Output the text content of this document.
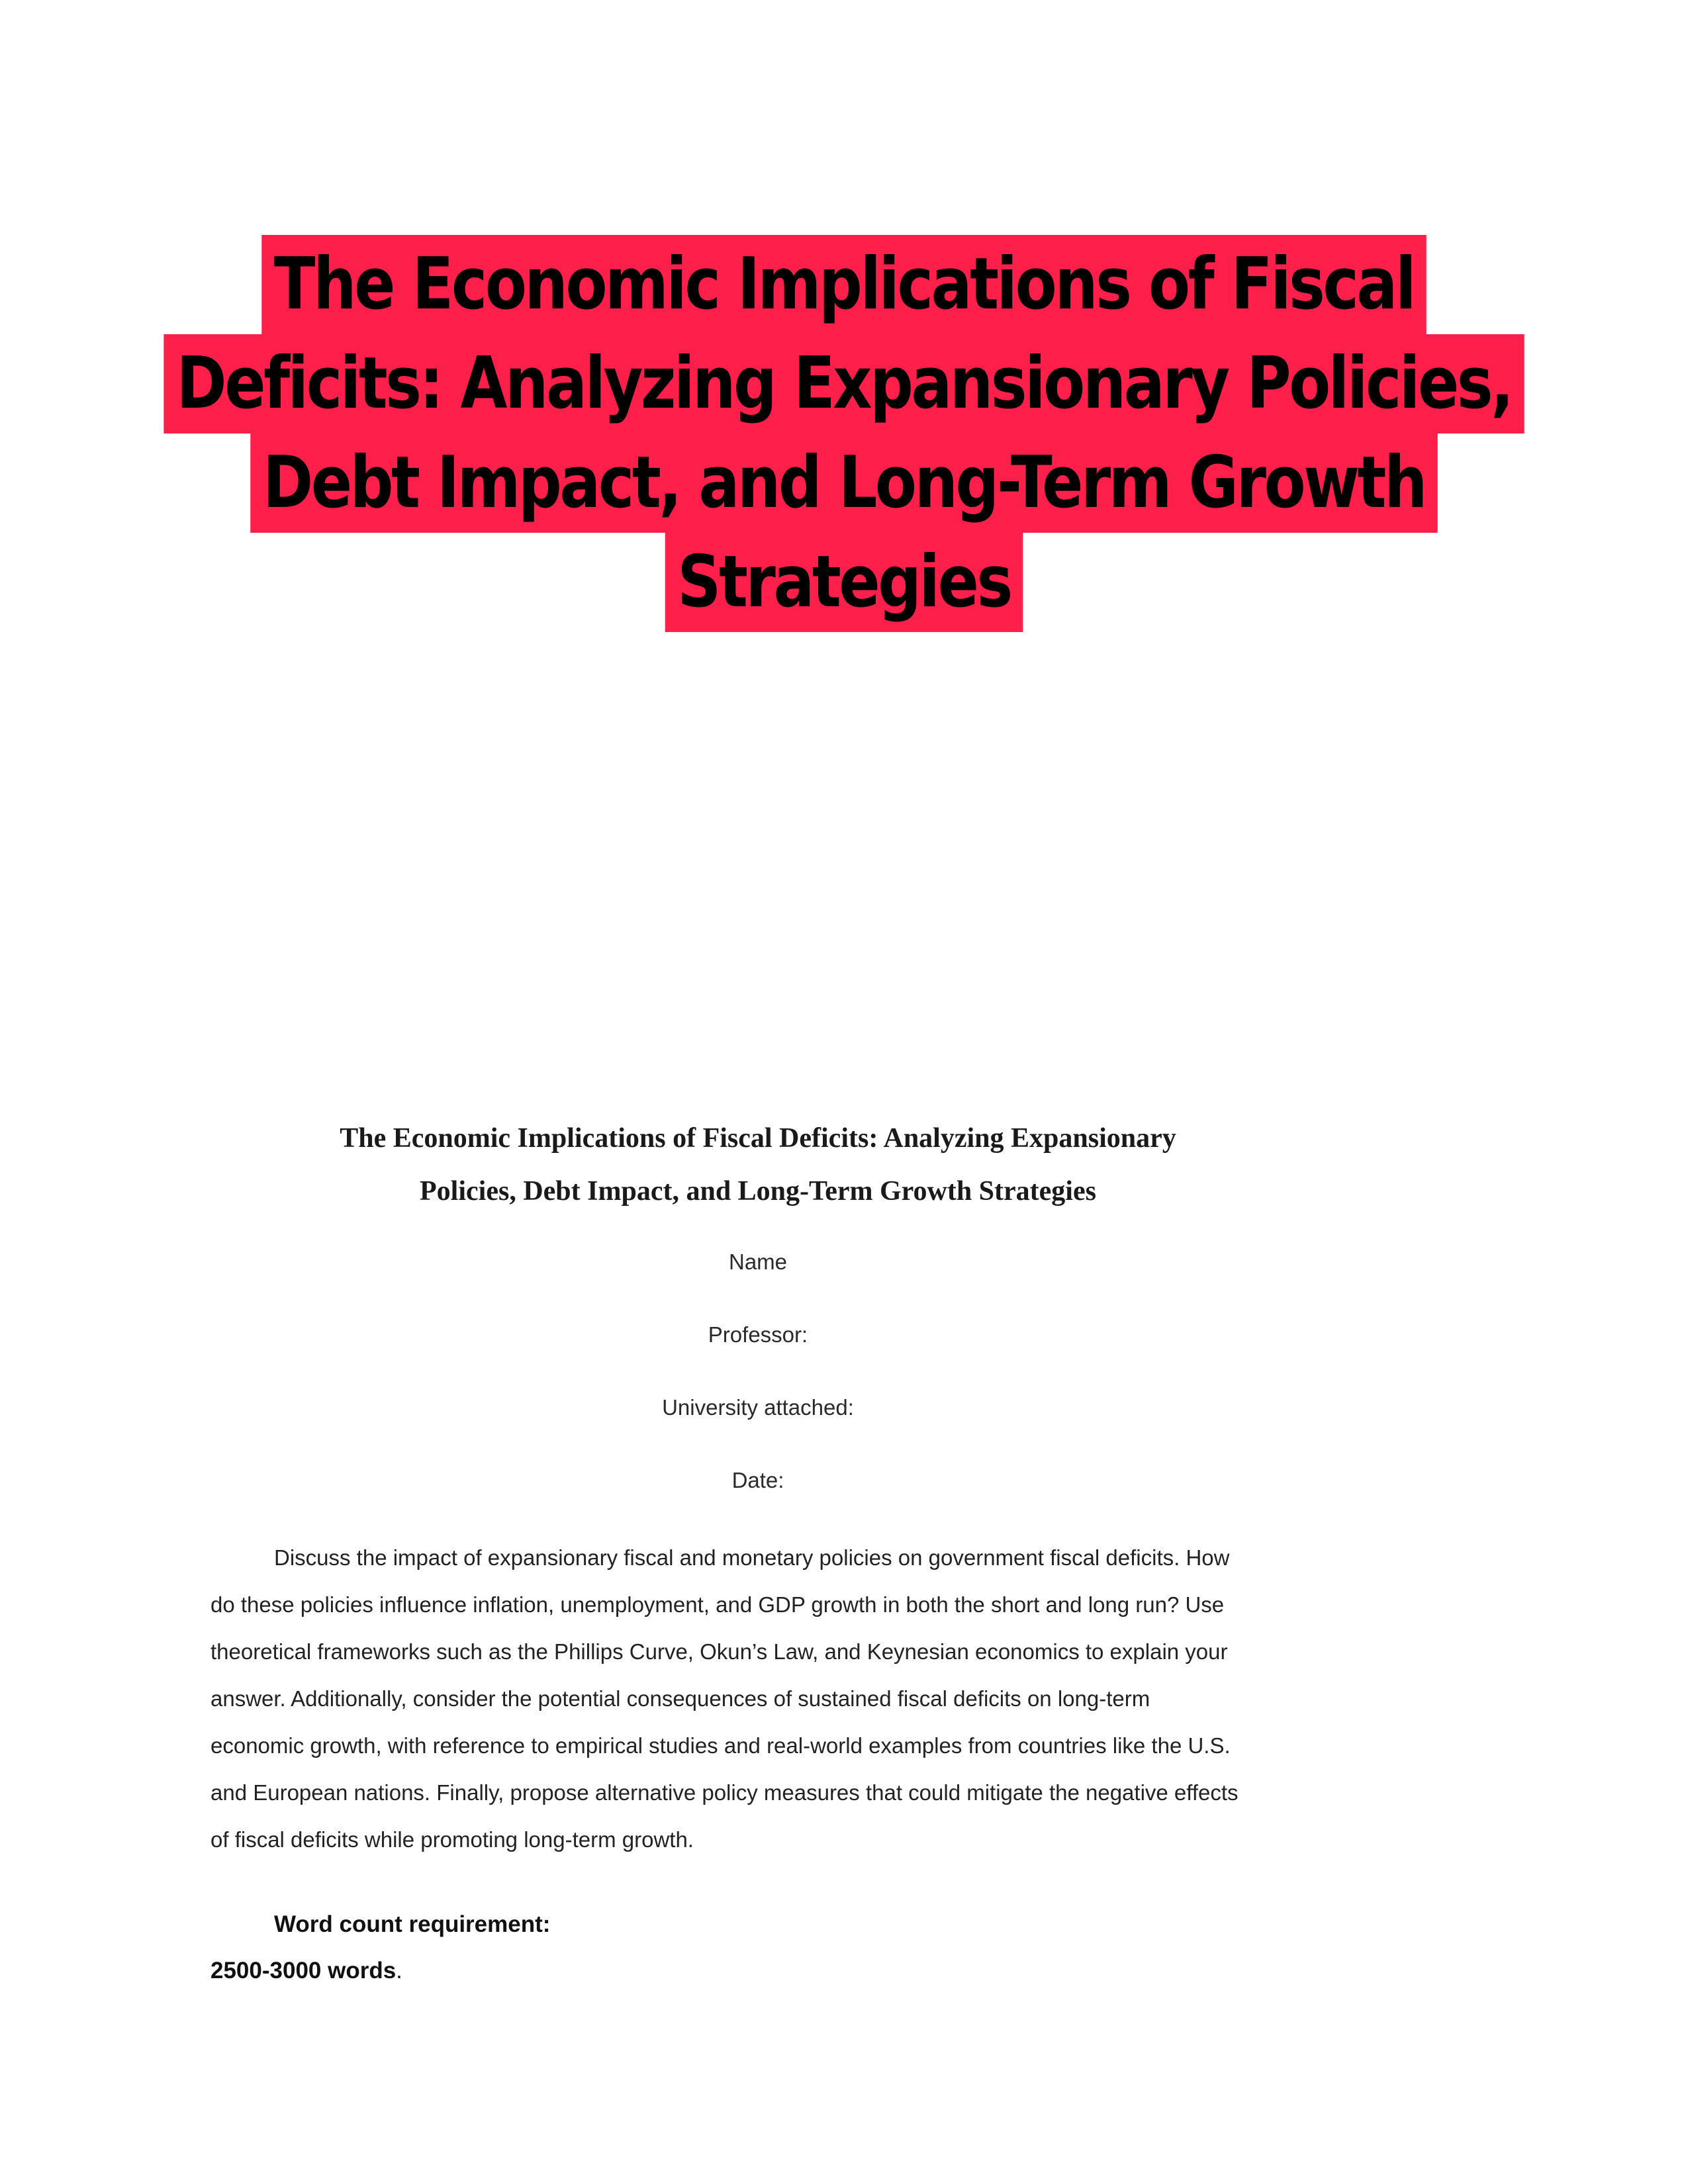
The Economic Implications of Fiscal
Deficits: Analyzing Expansionary Policies,
Debt Impact, and Long-Term Growth
Strategies
The Economic Implications of Fiscal Deficits: Analyzing Expansionary
Policies, Debt Impact, and Long-Term Growth Strategies
Name
Professor:
University attached:
Date:

Discuss the impact of expansionary fiscal and monetary policies on government fiscal deficits. How do these policies influence inflation, unemployment, and GDP growth in both the short and long run? Use theoretical frameworks such as the Phillips Curve, Okun’s Law, and Keynesian economics to explain your answer. Additionally, consider the potential consequences of sustained fiscal deficits on long-term economic growth, with reference to empirical studies and real-world examples from countries like the U.S. and European nations. Finally, propose alternative policy measures that could mitigate the negative effects of fiscal deficits while promoting long-term growth.

Word count requirement:
2500-3000 words.
